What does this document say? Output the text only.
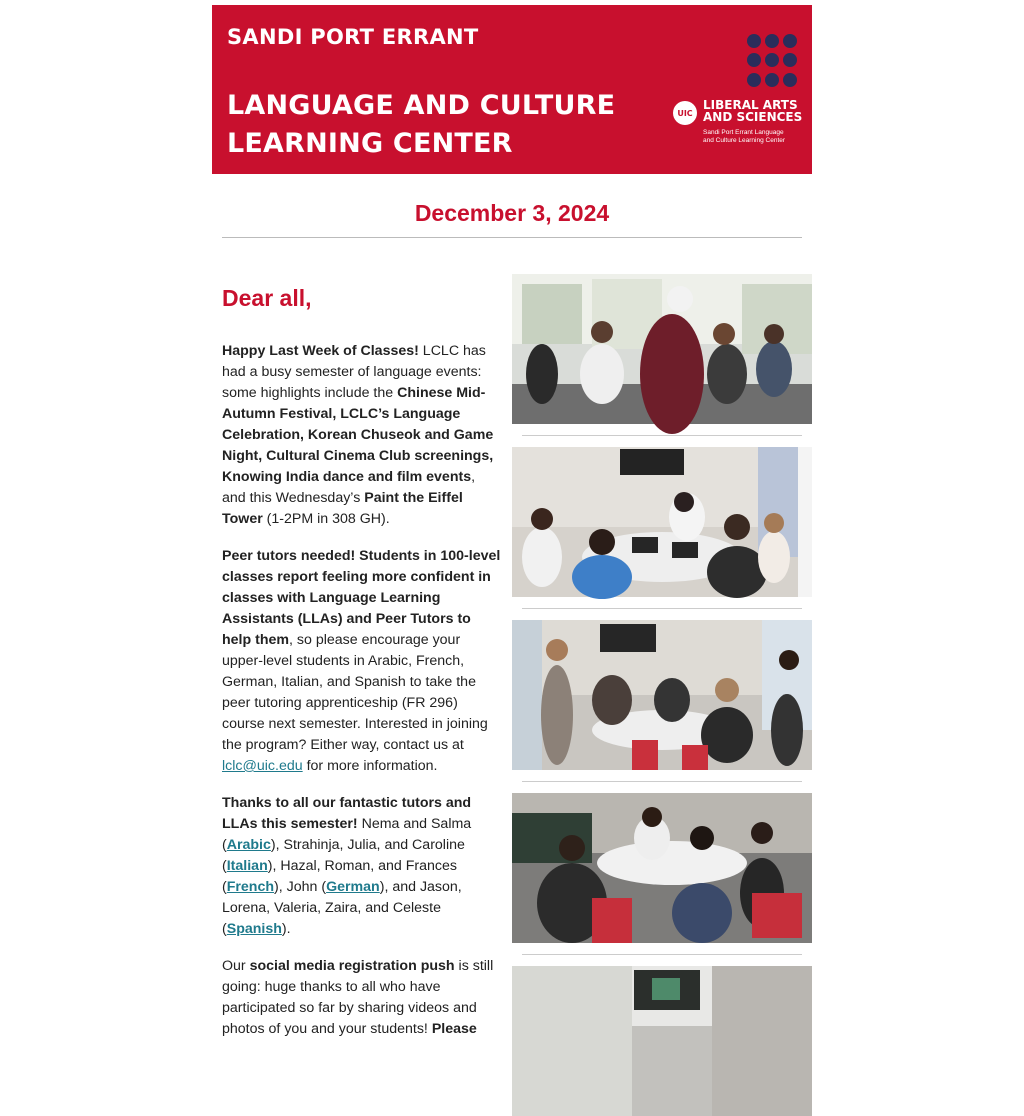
SANDI PORT ERRANT
LANGUAGE AND CULTURE
LEARNING CENTER
UIC
LIBERAL ARTS
AND SCIENCES
Sandi Port Errant Language
and Culture Learning Center
December 3, 2024
Dear all,

Happy Last Week of Classes! LCLC has had a busy semester of language events: some highlights include the Chinese Mid-Autumn Festival, LCLC’s Language Celebration, Korean Chuseok and Game Night, Cultural Cinema Club screenings, Knowing India dance and film events, and this Wednesday’s Paint the Eiffel Tower (1-2PM in 308 GH).

Peer tutors needed! Students in 100-level classes report feeling more confident in classes with Language Learning Assistants (LLAs) and Peer Tutors to help them, so please encourage your upper-level students in Arabic, French, German, Italian, and Spanish to take the peer tutoring apprenticeship (FR 296) course next semester. Interested in joining the program? Either way, contact us at lclc@uic.edu for more information.

Thanks to all our fantastic tutors and LLAs this semester! Nema and Salma (Arabic), Strahinja, Julia, and Caroline (Italian), Hazal, Roman, and Frances (French), John (German), and Jason, Lorena, Valeria, Zaira, and Celeste (Spanish).

Our social media registration push is still going: huge thanks to all who have participated so far by sharing videos and photos of you and your students! Please
